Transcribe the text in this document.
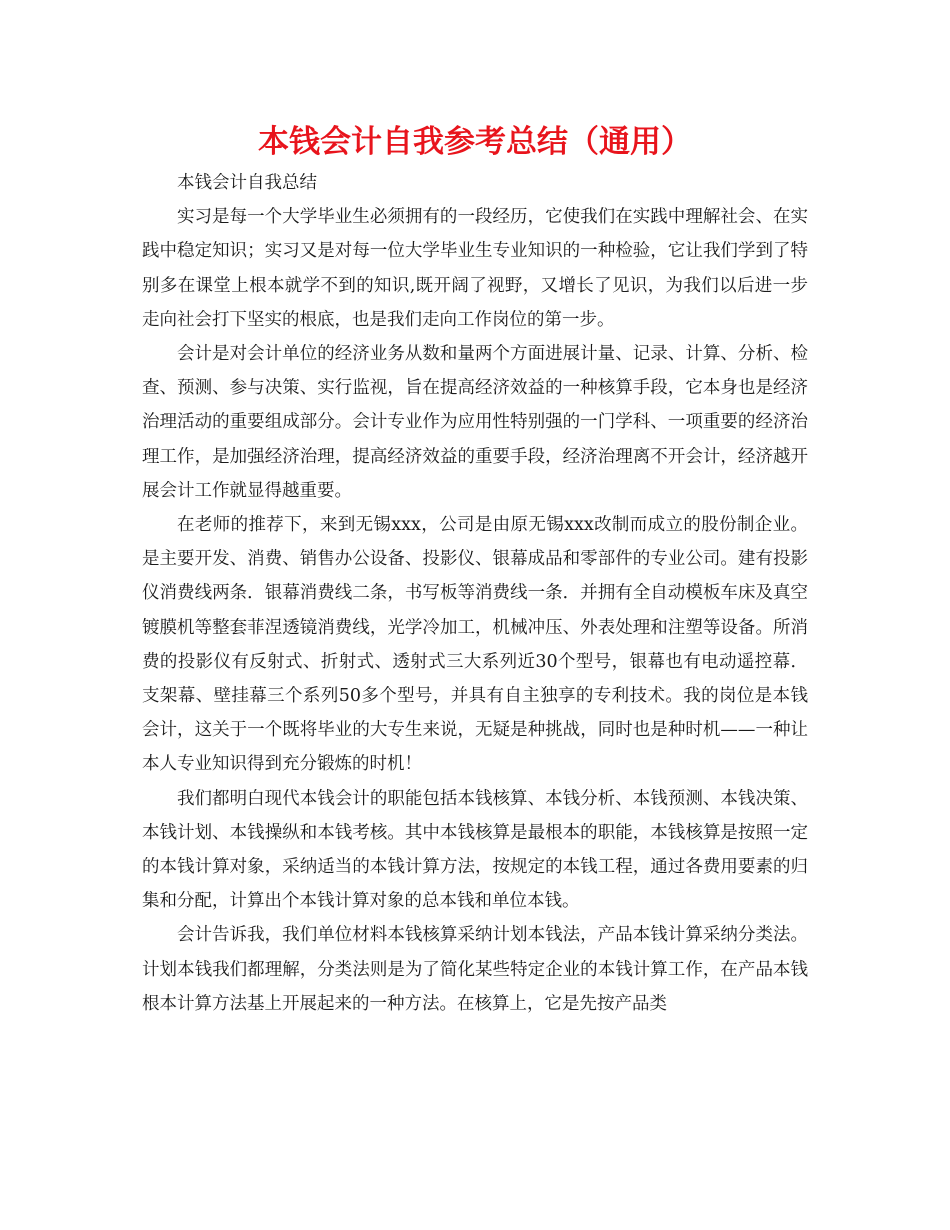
本钱会计自我参考总结（通用）

本钱会计自我总结

实习是每一个大学毕业生必须拥有的一段经历，它使我们在实践中理解社会、在实践中稳定知识；实习又是对每一位大学毕业生专业知识的一种检验，它让我们学到了特别多在课堂上根本就学不到的知识,既开阔了视野，又增长了见识，为我们以后进一步走向社会打下坚实的根底，也是我们走向工作岗位的第一步。

会计是对会计单位的经济业务从数和量两个方面进展计量、记录、计算、分析、检查、预测、参与决策、实行监视，旨在提高经济效益的一种核算手段，它本身也是经济治理活动的重要组成部分。会计专业作为应用性特别强的一门学科、一项重要的经济治理工作，是加强经济治理，提高经济效益的重要手段，经济治理离不开会计，经济越开展会计工作就显得越重要。

在老师的推荐下，来到无锡xxx，公司是由原无锡xxx改制而成立的股份制企业。是主要开发、消费、销售办公设备、投影仪、银幕成品和零部件的专业公司。建有投影仪消费线两条．银幕消费线二条，书写板等消费线一条．并拥有全自动模板车床及真空镀膜机等整套菲涅透镜消费线，光学冷加工，机械冲压、外表处理和注塑等设备。所消费的投影仪有反射式、折射式、透射式三大系列近30个型号，银幕也有电动遥控幕．支架幕、壁挂幕三个系列50多个型号，并具有自主独享的专利技术。我的岗位是本钱会计，这关于一个既将毕业的大专生来说，无疑是种挑战，同时也是种时机——一种让本人专业知识得到充分锻炼的时机！

我们都明白现代本钱会计的职能包括本钱核算、本钱分析、本钱预测、本钱决策、本钱计划、本钱操纵和本钱考核。其中本钱核算是最根本的职能，本钱核算是按照一定的本钱计算对象，采纳适当的本钱计算方法，按规定的本钱工程，通过各费用要素的归集和分配，计算出个本钱计算对象的总本钱和单位本钱。

会计告诉我，我们单位材料本钱核算采纳计划本钱法，产品本钱计算采纳分类法。计划本钱我们都理解，分类法则是为了简化某些特定企业的本钱计算工作，在产品本钱根本计算方法基上开展起来的一种方法。在核算上，它是先按产品类
